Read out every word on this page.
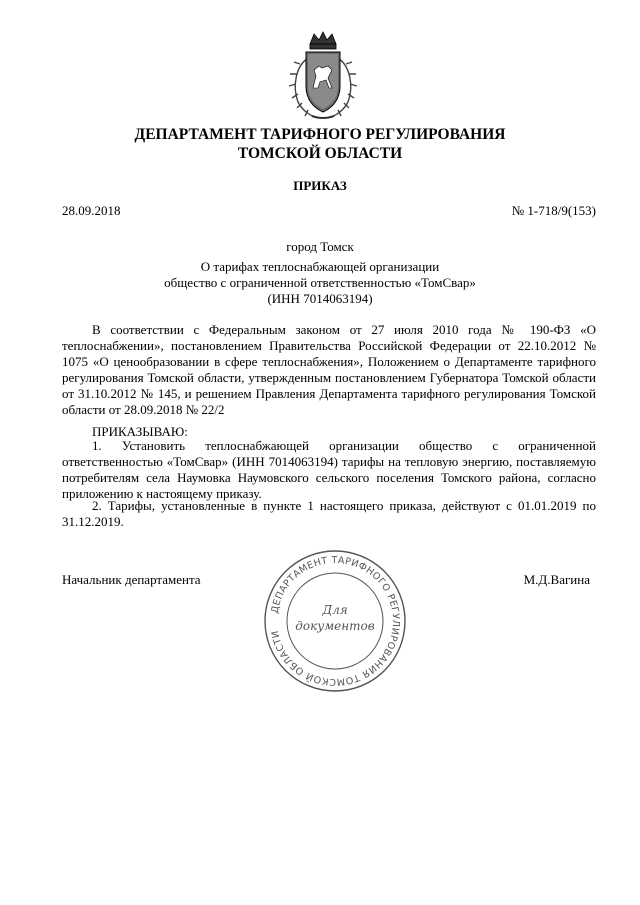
ДЕПАРТАМЕНТ ТАРИФНОГО РЕГУЛИРОВАНИЯ
ТОМСКОЙ ОБЛАСТИ
ПРИКАЗ
28.09.2018	№ 1-718/9(153)
город Томск
О тарифах теплоснабжающей организации
общество с ограниченной ответственностью «ТомСвар»
(ИНН 7014063194)
В соответствии с Федеральным законом от 27 июля 2010 года № 190-ФЗ «О теплоснабжении», постановлением Правительства Российской Федерации от 22.10.2012 № 1075 «О ценообразовании в сфере теплоснабжения», Положением о Департаменте тарифного регулирования Томской области, утвержденным постановлением Губернатора Томской области от 31.10.2012 № 145, и решением Правления Департамента тарифного регулирования Томской области от 28.09.2018 № 22/2
ПРИКАЗЫВАЮ:
1. Установить теплоснабжающей организации общество с ограниченной ответственностью «ТомСвар» (ИНН 7014063194) тарифы на тепловую энергию, поставляемую потребителям села Наумовка Наумовского сельского поселения Томского района, согласно приложению к настоящему приказу.
2. Тарифы, установленные в пункте 1 настоящего приказа, действуют с 01.01.2019 по 31.12.2019.
Начальник департамента	М.Д.Вагина
ДЕПАРТАМЕНТ ТАРИФНОГО РЕГУЛИРОВАНИЯ ТОМСКОЙ ОБЛАСТИ
Для
документов
